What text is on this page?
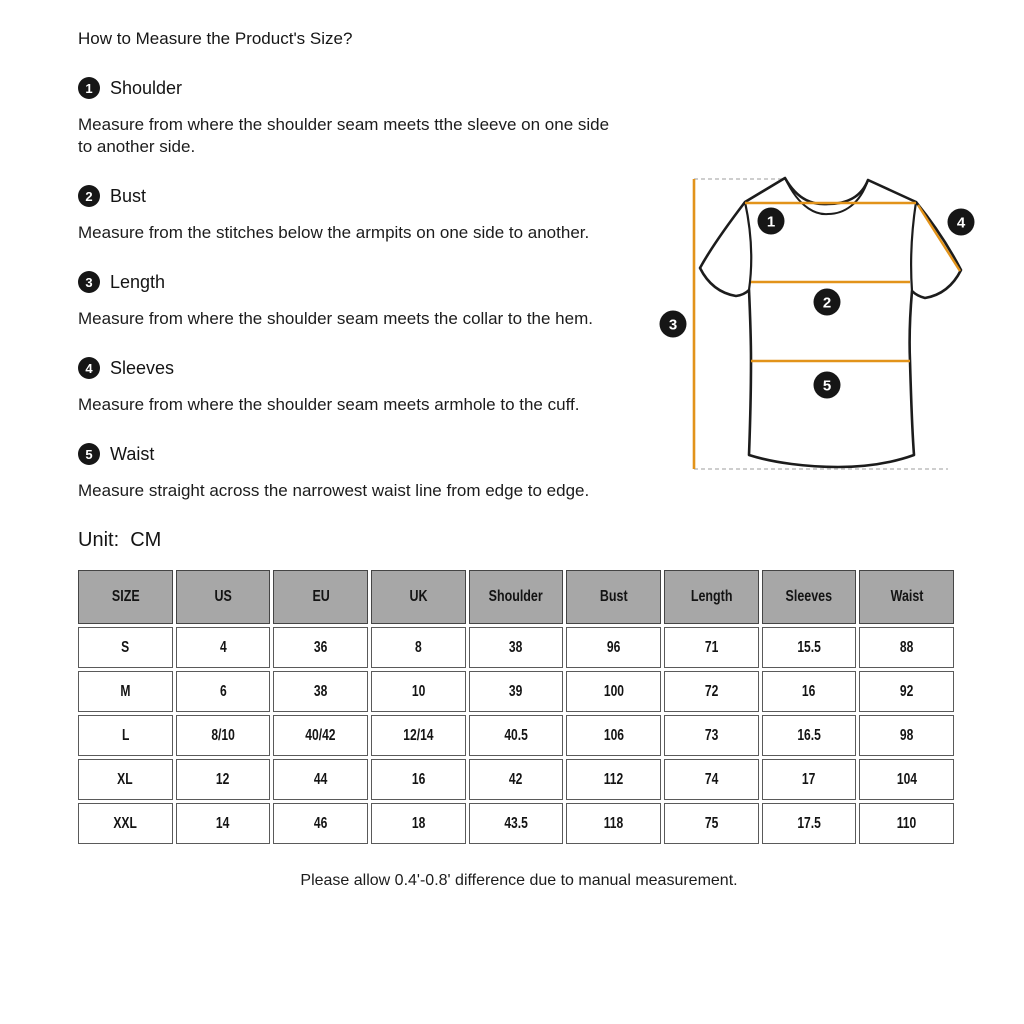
1
2
3
4
5
How to Measure the Product's Size?
1 Shoulder

Measure from where the shoulder seam meets tthe sleeve on one side to another side.

2 Bust

Measure from the stitches below the armpits on one side to another.

3 Length

Measure from where the shoulder seam meets the collar to the hem.

4 Sleeves

Measure from where the shoulder seam meets armhole to the cuff.

5 Waist

Measure straight across the narrowest waist line from edge to edge.

Unit:  CM
SIZE	US	EU	UK	Shoulder	Bust	Length	Sleeves	Waist
S	4	36	8	38	96	71	15.5	88
M	6	38	10	39	100	72	16	92
L	8/10	40/42	12/14	40.5	106	73	16.5	98
XL	12	44	16	42	112	74	17	104
XXL	14	46	18	43.5	118	75	17.5	110

Please allow 0.4'-0.8' difference due to manual measurement.
